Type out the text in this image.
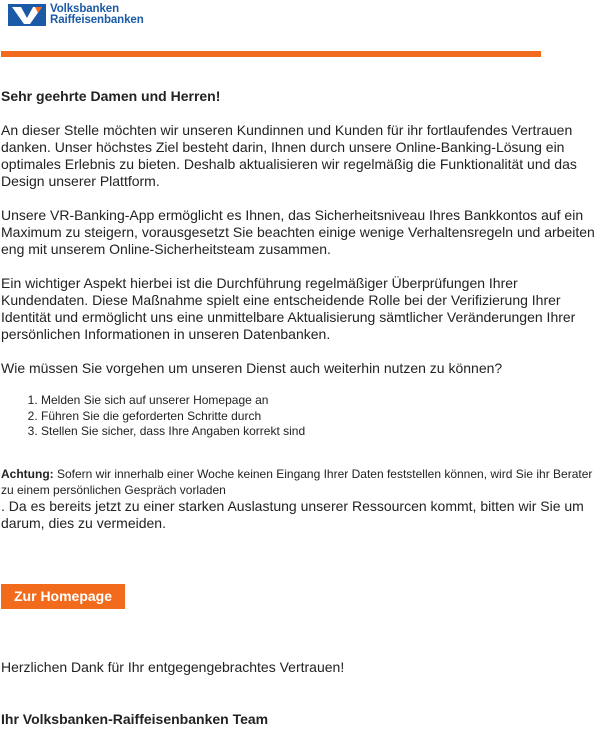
Volksbanken
Raiffeisenbanken

Sehr geehrte Damen und Herren!

An dieser Stelle möchten wir unseren Kundinnen und Kunden für ihr fortlaufendes Vertrauen danken. Unser höchstes Ziel besteht darin, Ihnen durch unsere Online-Banking-Lösung ein optimales Erlebnis zu bieten. Deshalb aktualisieren wir regelmäßig die Funktionalität und das Design unserer Plattform.

Unsere VR-Banking-App ermöglicht es Ihnen, das Sicherheitsniveau Ihres Bankkontos auf ein Maximum zu steigern, vorausgesetzt Sie beachten einige wenige Verhaltensregeln und arbeiten eng mit unserem Online-Sicherheitsteam zusammen.

Ein wichtiger Aspekt hierbei ist die Durchführung regelmäßiger Überprüfungen Ihrer Kundendaten. Diese Maßnahme spielt eine entscheidende Rolle bei der Verifizierung Ihrer Identität und ermöglicht uns eine unmittelbare Aktualisierung sämtlicher Veränderungen Ihrer persönlichen Informationen in unseren Datenbanken.

Wie müssen Sie vorgehen um unseren Dienst auch weiterhin nutzen zu können?

1. Melden Sie sich auf unserer Homepage an
2. Führen Sie die geforderten Schritte durch
3. Stellen Sie sicher, dass Ihre Angaben korrekt sind
Achtung: Sofern wir innerhalb einer Woche keinen Eingang Ihrer Daten feststellen können, wird Sie ihr Berater zu einem persönlichen Gespräch vorladen

. Da es bereits jetzt zu einer starken Auslastung unserer Ressourcen kommt, bitten wir Sie um darum, dies zu vermeiden.

Zur Homepage

Herzlichen Dank für Ihr entgegengebrachtes Vertrauen!

Ihr Volksbanken-Raiffeisenbanken Team
